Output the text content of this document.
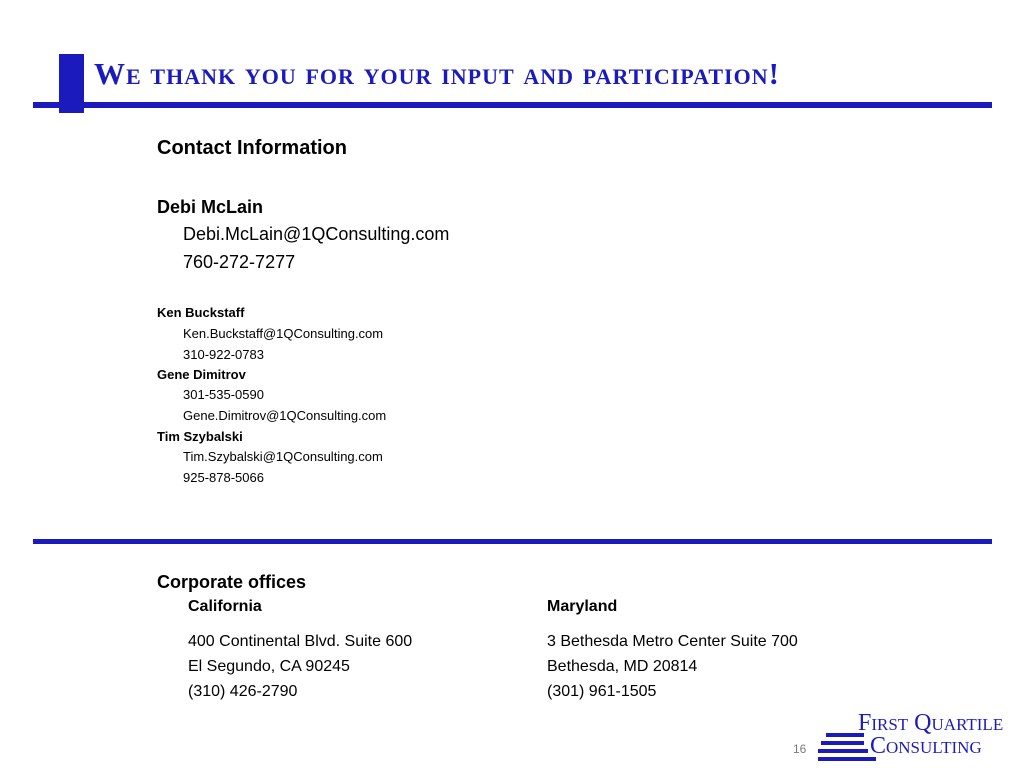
We thank you for your input and participation!
Contact Information
Debi McLain
Debi.McLain@1QConsulting.com
760-272-7277
Ken Buckstaff
Ken.Buckstaff@1QConsulting.com
310-922-0783
Gene Dimitrov
301-535-0590
Gene.Dimitrov@1QConsulting.com
Tim Szybalski
Tim.Szybalski@1QConsulting.com
925-878-5066
Corporate offices
California
400 Continental Blvd. Suite 600
El Segundo, CA 90245
(310) 426-2790
Maryland
3 Bethesda Metro Center Suite 700
Bethesda, MD 20814
(301) 961-1505
16
First Quartile
Consulting
